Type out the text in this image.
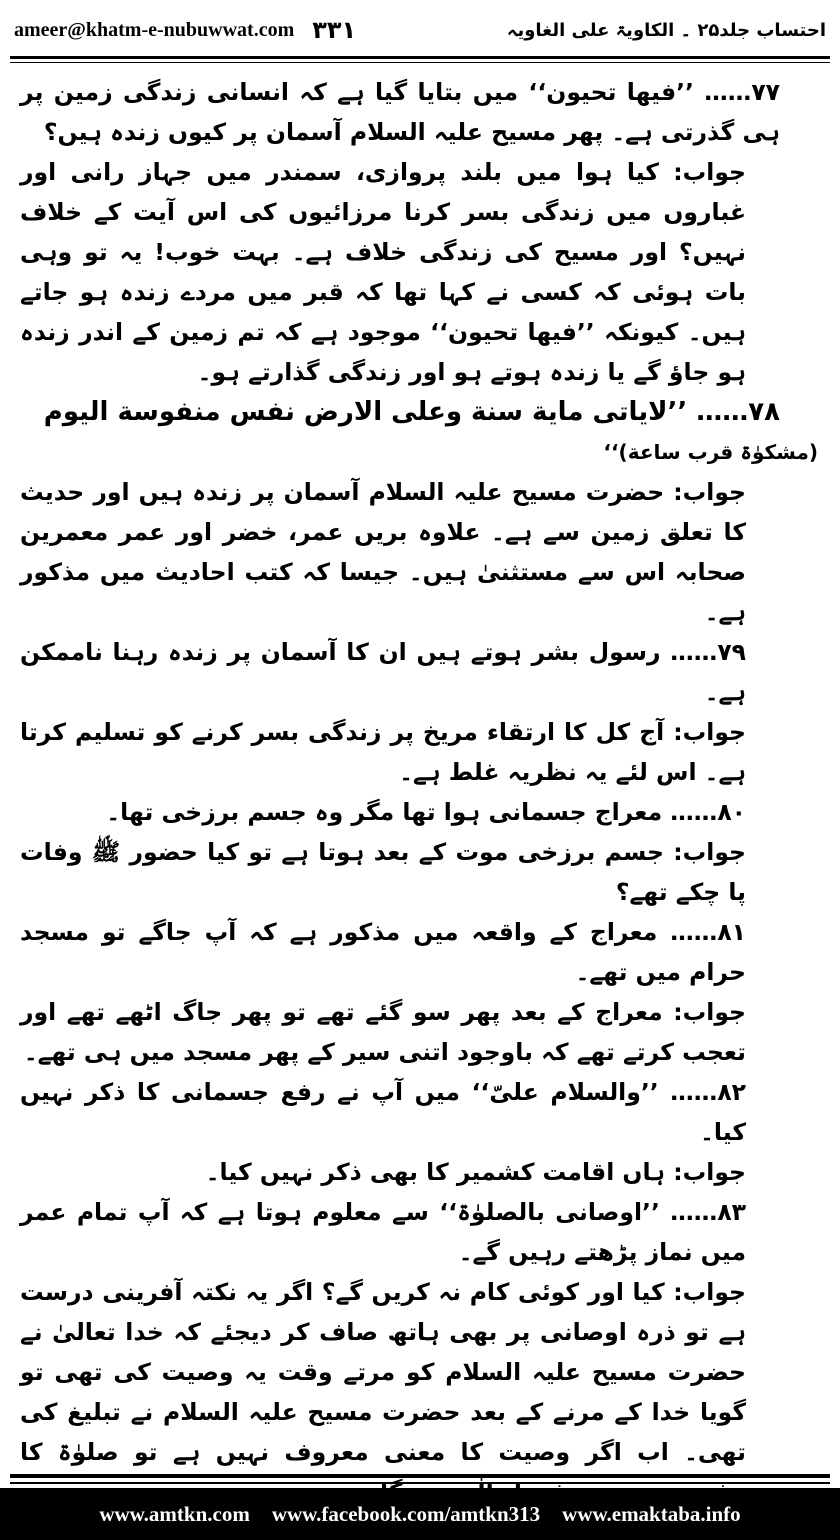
ameer@khatm-e-nubuwwat.com ۳۳۱	احتساب جلد۲۵ ۔ الکاویۃ علی الغاویہ

۷۷…… ’’فیھا تحیون‘‘ میں بتایا گیا ہے کہ انسانی زندگی زمین پر ہی گذرتی ہے۔ پھر مسیح علیہ السلام آسمان پر کیوں زندہ ہیں؟

جواب: کیا ہوا میں بلند پروازی، سمندر میں جہاز رانی اور غباروں میں زندگی بسر کرنا مرزائیوں کی اس آیت کے خلاف نہیں؟ اور مسیح کی زندگی خلاف ہے۔ بہت خوب! یہ تو وہی بات ہوئی کہ کسی نے کہا تھا کہ قبر میں مردے زندہ ہو جاتے ہیں۔ کیونکہ ’’فیھا تحیون‘‘ موجود ہے کہ تم زمین کے اندر زندہ ہو جاؤ گے یا زندہ ہوتے ہو اور زندگی گذارتے ہو۔

۷۸…… ’’لایاتی مایة سنة وعلی الارض نفس منفوسة الیوم

(مشکوٰۃ قرب ساعة)‘‘

جواب: حضرت مسیح علیہ السلام آسمان پر زندہ ہیں اور حدیث کا تعلق زمین سے ہے۔ علاوہ بریں عمر، خضر اور عمر معمرین صحابہ اس سے مستثنیٰ ہیں۔ جیسا کہ کتب احادیث میں مذکور ہے۔

۷۹…… رسول بشر ہوتے ہیں ان کا آسمان پر زندہ رہنا ناممکن ہے۔

جواب: آج کل کا ارتقاء مریخ پر زندگی بسر کرنے کو تسلیم کرتا ہے۔ اس لئے یہ نظریہ غلط ہے۔

۸۰…… معراج جسمانی ہوا تھا مگر وہ جسم برزخی تھا۔

جواب: جسم برزخی موت کے بعد ہوتا ہے تو کیا حضور ﷺ وفات پا چکے تھے؟

۸۱…… معراج کے واقعہ میں مذکور ہے کہ آپ جاگے تو مسجد حرام میں تھے۔

جواب: معراج کے بعد پھر سو گئے تھے تو پھر جاگ اٹھے تھے اور تعجب کرتے تھے کہ باوجود اتنی سیر کے پھر مسجد میں ہی تھے۔

۸۲…… ’’والسلام علیّ‘‘ میں آپ نے رفع جسمانی کا ذکر نہیں کیا۔

جواب: ہاں اقامت کشمیر کا بھی ذکر نہیں کیا۔

۸۳…… ’’اوصانی بالصلوٰۃ‘‘ سے معلوم ہوتا ہے کہ آپ تمام عمر میں نماز پڑھتے رہیں گے۔

جواب: کیا اور کوئی کام نہ کریں گے؟ اگر یہ نکتہ آفرینی درست ہے تو ذرہ اوصانی پر بھی ہاتھ صاف کر دیجئے کہ خدا تعالیٰ نے حضرت مسیح علیہ السلام کو مرتے وقت یہ وصیت کی تھی تو گویا خدا کے مرنے کے بعد حضرت مسیح علیہ السلام نے تبلیغ کی تھی۔ اب اگر وصیت کا معنی معروف نہیں ہے تو صلوٰۃ کا

www.amtkn.com www.facebook.com/amtkn313 www.emaktaba.info
